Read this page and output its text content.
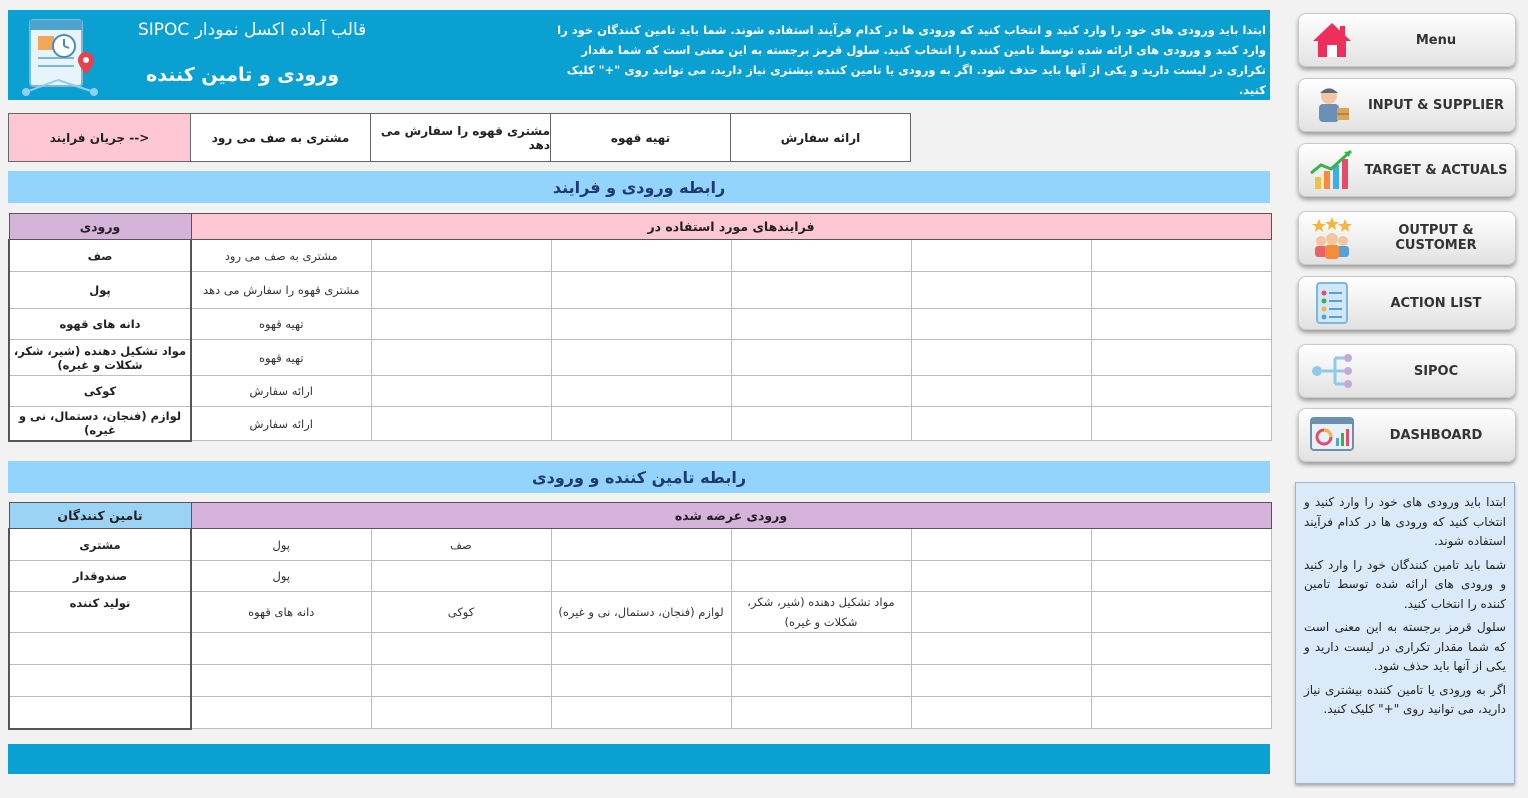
قالب آماده اکسل نمودار SIPOC
ورودی و تامین کننده
ابتدا باید ورودی های خود را وارد کنید و انتخاب کنید که ورودی ها در کدام فرآیند استفاده شوند. شما باید تامین کنندگان خود را وارد کنید و ورودی های ارائه شده توسط تامین کننده را انتخاب کنید. سلول قرمز برجسته به این معنی است که شما مقدار تکراری در لیست دارید و یکی از آنها باید حذف شود. اگر به ورودی یا تامین کننده بیشتری نیاز دارید، می توانید روی "+" کلیک کنید.
<-- جریان فرایند	مشتری به صف می رود	مشتری قهوه را سفارش می دهد	تهیه قهوه	ارائه سفارش
رابطه ورودی و فرایند
ورودی	فرایندهای مورد استفاده در					
صف	مشتری به صف می رود					
پول	مشتری قهوه را سفارش می دهد					
دانه های قهوه	تهیه قهوه					
مواد تشکیل دهنده (شیر، شکر، شکلات و غیره)	تهیه قهوه					
کوکی	ارائه سفارش					
لوازم (فنجان، دستمال، نی و غیره)	ارائه سفارش					
رابطه تامین کننده و ورودی
تامین کنندگان	ورودی عرضه شده					
مشتری	پول	صف				
صندوقدار	پول					
تولید کننده	دانه های قهوه	کوکی	لوازم (فنجان، دستمال، نی و غیره)	مواد تشکیل دهنده (شیر، شکر، شکلات و غیره)		

Menu
INPUT & SUPPLIER
TARGET & ACTUALS
OUTPUT & CUSTOMER
ACTION LIST
SIPOC
DASHBOARD

ابتدا باید ورودی های خود را وارد کنید و انتخاب کنید که ورودی ها در کدام فرآیند استفاده شوند.

شما باید تامین کنندگان خود را وارد کنید و ورودی های ارائه شده توسط تامین کننده را انتخاب کنید.

سلول قرمز برجسته به این معنی است که شما مقدار تکراری در لیست دارید و یکی از آنها باید حذف شود.

اگر به ورودی یا تامین کننده بیشتری نیاز دارید، می توانید روی "+" کلیک کنید.
